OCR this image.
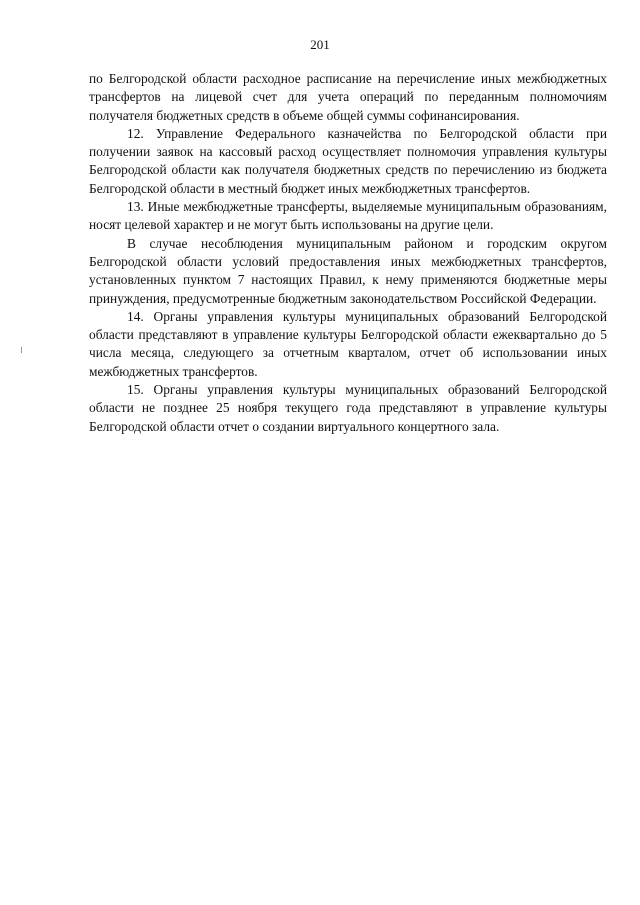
201

по Белгородской области расходное расписание на перечисление иных межбюджетных трансфертов на лицевой счет для учета операций по переданным полномочиям получателя бюджетных средств в объеме общей суммы софинансирования.

12. Управление Федерального казначейства по Белгородской области при получении заявок на кассовый расход осуществляет полномочия управления культуры Белгородской области как получателя бюджетных средств по перечислению из бюджета Белгородской области в местный бюджет иных межбюджетных трансфертов.

13. Иные межбюджетные трансферты, выделяемые муниципальным образованиям, носят целевой характер и не могут быть использованы на другие цели.

В случае несоблюдения муниципальным районом и городским округом Белгородской области условий предоставления иных межбюджетных трансфертов, установленных пунктом 7 настоящих Правил, к нему применяются бюджетные меры принуждения, предусмотренные бюджетным законодательством Российской Федерации.

14. Органы управления культуры муниципальных образований Белгородской области представляют в управление культуры Белгородской области ежеквартально до 5 числа месяца, следующего за отчетным кварталом, отчет об использовании иных межбюджетных трансфертов.

15. Органы управления культуры муниципальных образований Белгородской области не позднее 25 ноября текущего года представляют в управление культуры Белгородской области отчет о создании виртуального концертного зала.
